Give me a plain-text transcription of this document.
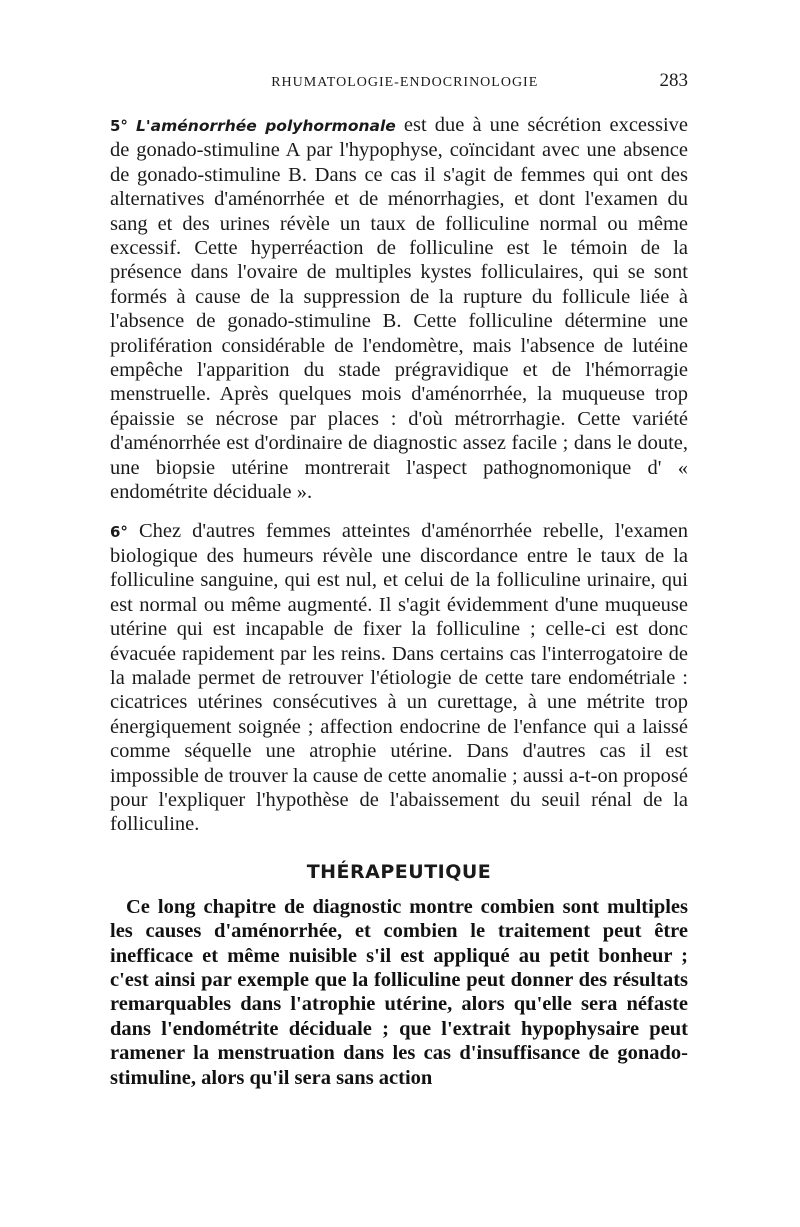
RHUMATOLOGIE-ENDOCRINOLOGIE	283

5° L'aménorrhée polyhormonale est due à une sécrétion excessive de gonado-stimuline A par l'hypophyse, coïncidant avec une absence de gonado-stimuline B. Dans ce cas il s'agit de femmes qui ont des alternatives d'aménorrhée et de ménorrhagies, et dont l'examen du sang et des urines révèle un taux de folliculine normal ou même excessif. Cette hyperréaction de folliculine est le témoin de la présence dans l'ovaire de multiples kystes folliculaires, qui se sont formés à cause de la suppression de la rupture du follicule liée à l'absence de gonado-stimuline B. Cette folliculine détermine une prolifération considérable de l'endomètre, mais l'absence de lutéine empêche l'apparition du stade prégravidique et de l'hémorragie menstruelle. Après quelques mois d'aménorrhée, la muqueuse trop épaissie se nécrose par places : d'où métrorrhagie. Cette variété d'aménorrhée est d'ordinaire de diagnostic assez facile ; dans le doute, une biopsie utérine montrerait l'aspect pathognomonique d' « endométrite déciduale ».

6° Chez d'autres femmes atteintes d'aménorrhée rebelle, l'examen biologique des humeurs révèle une discordance entre le taux de la folliculine sanguine, qui est nul, et celui de la folliculine urinaire, qui est normal ou même augmenté. Il s'agit évidemment d'une muqueuse utérine qui est incapable de fixer la folliculine ; celle-ci est donc évacuée rapidement par les reins. Dans certains cas l'interrogatoire de la malade permet de retrouver l'étiologie de cette tare endométriale : cicatrices utérines consécutives à un curettage, à une métrite trop énergiquement soignée ; affection endocrine de l'enfance qui a laissé comme séquelle une atrophie utérine. Dans d'autres cas il est impossible de trouver la cause de cette anomalie ; aussi a-t-on proposé pour l'expliquer l'hypothèse de l'abaissement du seuil rénal de la folliculine.

THÉRAPEUTIQUE

Ce long chapitre de diagnostic montre combien sont multiples les causes d'aménorrhée, et combien le traitement peut être inefficace et même nuisible s'il est appliqué au petit bonheur ; c'est ainsi par exemple que la folliculine peut donner des résultats remarquables dans l'atrophie utérine, alors qu'elle sera néfaste dans l'endométrite déciduale ; que l'extrait hypophysaire peut ramener la menstruation dans les cas d'insuffisance de gonado-stimuline, alors qu'il sera sans action
